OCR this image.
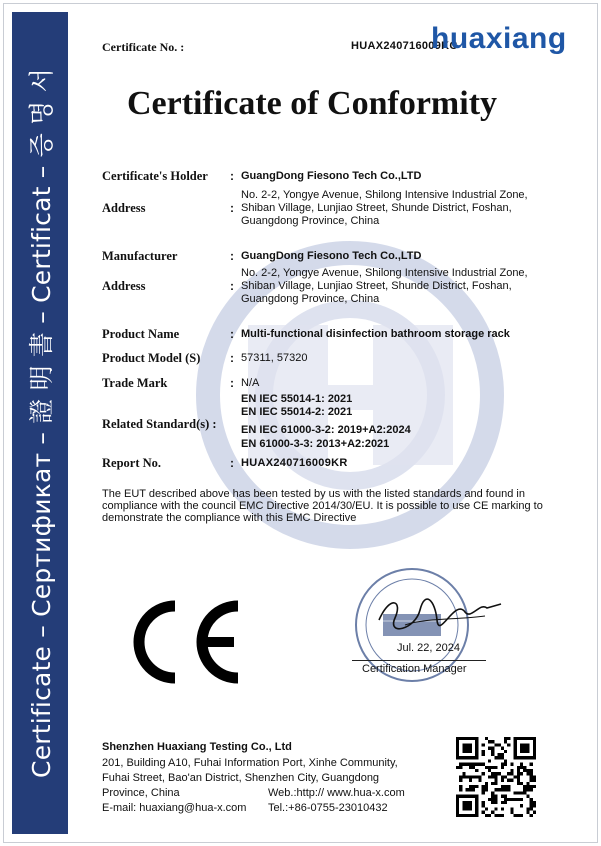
Certificate – Сертификат – 證 明 書 – Certificat – 증 명 서
Certificate No. :	HUAX240716009KC
huaxiang
Certificate of Conformity
Certificate's Holder : GuangDong Fiesono Tech Co.,LTD
Address	:
No. 2-2, Yongye Avenue, Shilong Intensive Industrial Zone,
Shiban Village, Lunjiao Street, Shunde District, Foshan,
Guangdong Province, China
Manufacturer	: GuangDong Fiesono Tech Co.,LTD
Address	:
No. 2-2, Yongye Avenue, Shilong Intensive Industrial Zone,
Shiban Village, Lunjiao Street, Shunde District, Foshan,
Guangdong Province, China
Product Name	: Multi-functional disinfection bathroom storage rack
Product Model (S) : 57311, 57320
Trade Mark	: N/A
Related Standard(s) :
EN IEC 55014-1: 2021
EN IEC 55014-2: 2021
EN IEC 61000-3-2: 2019+A2:2024
EN 61000-3-3: 2013+A2:2021
Report No.	: HUAX240716009KR
The EUT described above has been tested by us with the listed standards and found in compliance with the council EMC Directive 2014/30/EU. It is possible to use CE marking to demonstrate the compliance with this EMC Directive
Jul. 22, 2024
Certification Manager
Shenzhen Huaxiang Testing Co., Ltd
201, Building A10, Fuhai Information Port, Xinhe Community,
Fuhai Street, Bao'an District, Shenzhen City, Guangdong
Province, China	Web.:http:// www.hua-x.com
E-mail: huaxiang@hua-x.com Tel.:+86-0755-23010432
